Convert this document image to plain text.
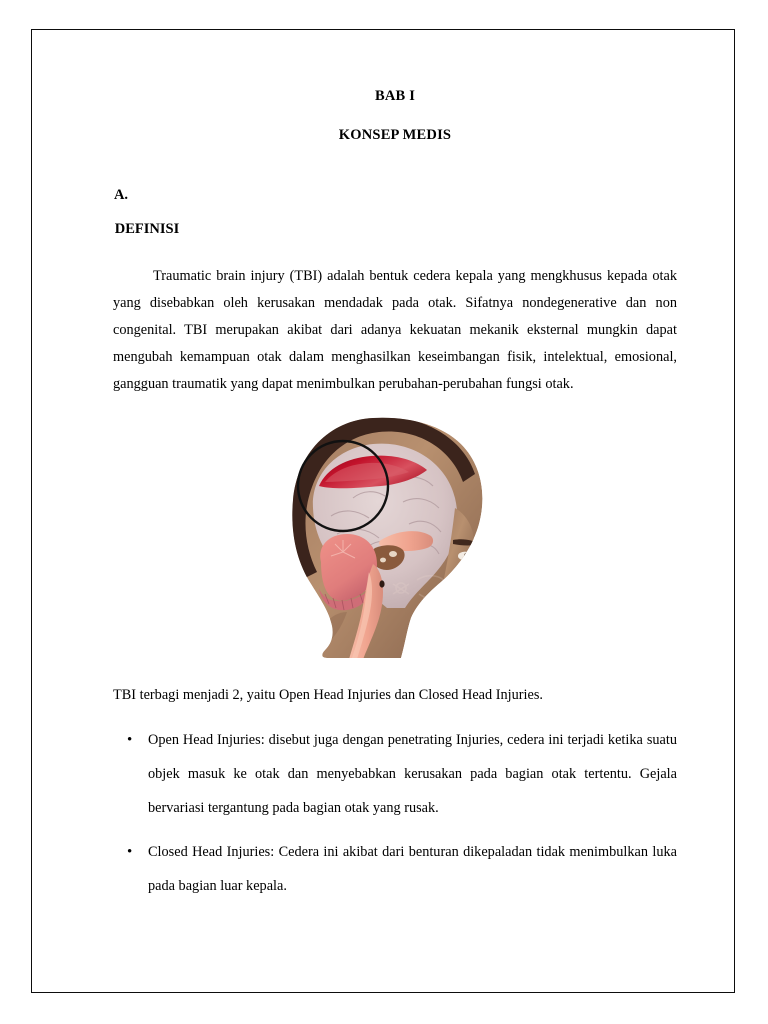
BAB I
KONSEP MEDIS

A.

DEFINISI

Traumatic brain injury (TBI) adalah bentuk cedera kepala yang mengkhusus kepada otak yang disebabkan oleh kerusakan mendadak pada otak. Sifatnya nondegenerative dan non congenital. TBI merupakan akibat dari adanya kekuatan mekanik eksternal mungkin dapat mengubah kemampuan otak dalam menghasilkan keseimbangan fisik, intelektual, emosional, gangguan traumatik yang dapat menimbulkan perubahan-perubahan fungsi otak.

TBI terbagi menjadi 2, yaitu Open Head Injuries dan Closed Head Injuries.

• Open Head Injuries: disebut juga dengan penetrating Injuries, cedera ini terjadi ketika suatu objek masuk ke otak dan menyebabkan kerusakan pada bagian otak tertentu. Gejala bervariasi tergantung pada bagian otak yang rusak.
• Closed Head Injuries: Cedera ini akibat dari benturan dikepaladan tidak menimbulkan luka pada bagian luar kepala.
